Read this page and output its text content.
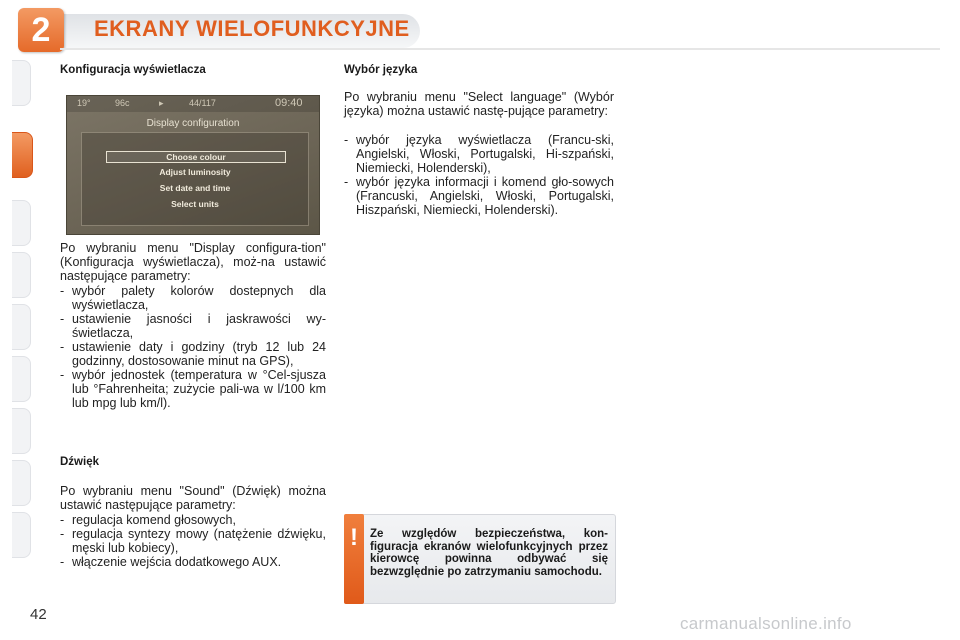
2	EKRANY WIELOFUNKCYJNE
Konfiguracja wyświetlacza
19°	96c	▸	44/117	09:40
Display configuration
Choose colour
Adjust luminosity
Set date and time
Select units
Po wybraniu menu "Display configura-tion" (Konfiguracja wyświetlacza), moż-na ustawić następujące parametry:
- wybór palety kolorów dostepnych dla wyświetlacza,
- ustawienie jasności i jaskrawości wy-świetlacza,
- ustawienie daty i godziny (tryb 12 lub 24 godzinny, dostosowanie minut na GPS),
- wybór jednostek (temperatura w °Cel-sjusza lub °Fahrenheita; zużycie pali-wa w l/100 km lub mpg lub km/l).
Dźwięk
Po wybraniu menu "Sound" (Dźwięk) można ustawić następujące parametry:
- regulacja komend głosowych,
- regulacja syntezy mowy (natężenie dźwięku, męski lub kobiecy),
- włączenie wejścia dodatkowego AUX.
Wybór języka
Po wybraniu menu "Select language" (Wybór języka) można ustawić nastę-pujące parametry:
- wybór języka wyświetlacza (Francu-ski, Angielski, Włoski, Portugalski, Hi-szpański, Niemiecki, Holenderski),
- wybór języka informacji i komend gło-sowych (Francuski, Angielski, Włoski, Portugalski, Hiszpański, Niemiecki, Holenderski).
!	Ze względów bezpieczeństwa, kon-figuracja ekranów wielofunkcyjnych przez kierowcę powinna odbywać się bezwzględnie po zatrzymaniu samochodu.
42	carmanualsonline.info
